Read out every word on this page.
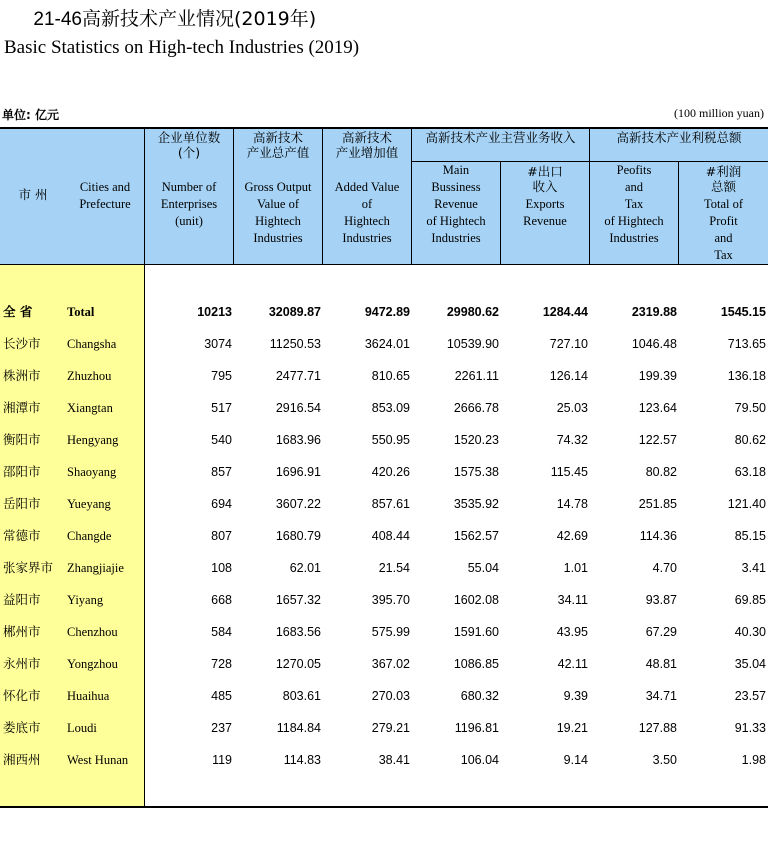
21-46高新技术产业情况(2019年)
Basic Statistics on High-tech Industries (2019)
单位: 亿元	(100 million yuan)
市 州	Cities and
Prefecture
企业单位数
(个)
Number of
Enterprises
(unit)
高新技术
产业总产值
Gross Output
Value of
Hightech
Industries
高新技术
产业增加值
Added Value
of
Hightech
Industries
高新技术产业主营业务收入
Main
Bussiness
Revenue
of Hightech
Industries
#出口
收入
Exports
Revenue
高新技术产业利税总额
Peofits
and
Tax
of Hightech
Industries
#利润
总额
Total of
Profit
and
Tax
全 省	Total	10213	32089.87	9472.89	29980.62	1284.44	2319.88	1545.15
长沙市 Changsha	3074	11250.53	3624.01	10539.90	727.10	1046.48	713.65
株洲市 Zhuzhou	795	2477.71	810.65	2261.11	126.14	199.39	136.18
湘潭市 Xiangtan	517	2916.54	853.09	2666.78	25.03	123.64	79.50
衡阳市 Hengyang	540	1683.96	550.95	1520.23	74.32	122.57	80.62
邵阳市 Shaoyang	857	1696.91	420.26	1575.38	115.45	80.82	63.18
岳阳市 Yueyang	694	3607.22	857.61	3535.92	14.78	251.85	121.40
常德市 Changde	807	1680.79	408.44	1562.57	42.69	114.36	85.15
张家界市 Zhangjiajie	108	62.01	21.54	55.04	1.01	4.70	3.41
益阳市 Yiyang	668	1657.32	395.70	1602.08	34.11	93.87	69.85
郴州市 Chenzhou	584	1683.56	575.99	1591.60	43.95	67.29	40.30
永州市 Yongzhou	728	1270.05	367.02	1086.85	42.11	48.81	35.04
怀化市 Huaihua	485	803.61	270.03	680.32	9.39	34.71	23.57
娄底市 Loudi	237	1184.84	279.21	1196.81	19.21	127.88	91.33
湘西州 West Hunan	119	114.83	38.41	106.04	9.14	3.50	1.98
